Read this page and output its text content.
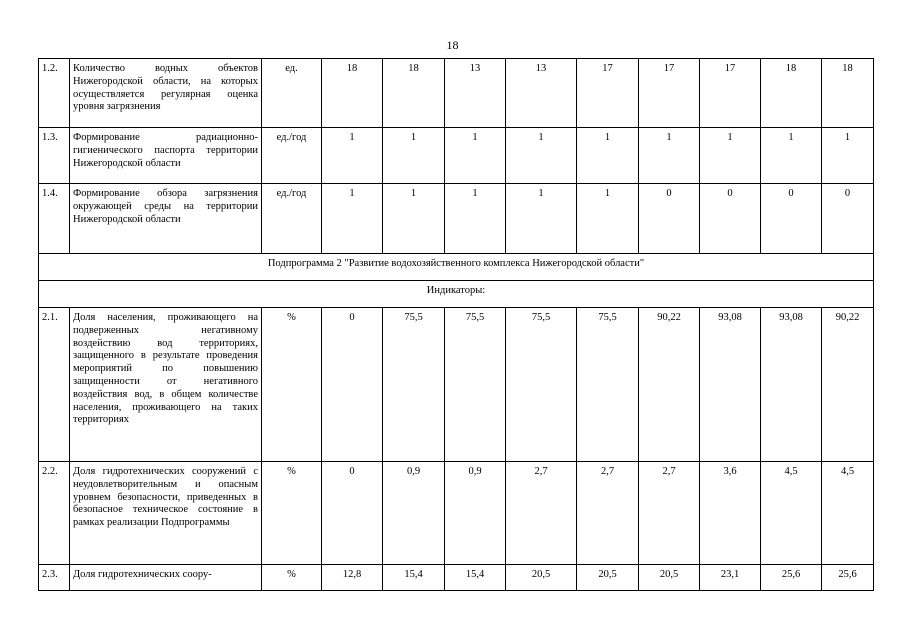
18
1.2.	Количество водных объектов Нижегородской области, на которых осуществляется регулярная оценка уровня загрязнения	ед.	18	18	13	13	17	17	17	18	18
1.3.	Формирование радиационно-гигиенического паспорта территории Нижегородской области	ед./год	1	1	1	1	1	1	1	1	1
1.4.	Формирование обзора загрязнения окружающей среды на территории Нижегородской области	ед./год	1	1	1	1	1	0	0	0	0
Подпрограмма 2 "Развитие водохозяйственного комплекса Нижегородской области"											
Индикаторы:											
2.1.	Доля населения, проживающего на подверженных негативному воздействию вод территориях, защищенного в результате проведения мероприятий по повышению защищенности от негативного воздействия вод, в общем количестве населения, проживающего на таких территориях	%	0	75,5	75,5	75,5	75,5	90,22	93,08	93,08	90,22
2.2.	Доля гидротехнических сооружений с неудовлетворительным и опасным уровнем безопасности, приведенных в безопасное техническое состояние в рамках реализации Подпрограммы	%	0	0,9	0,9	2,7	2,7	2,7	3,6	4,5	4,5
2.3.	Доля гидротехнических соору-	%	12,8	15,4	15,4	20,5	20,5	20,5	23,1	25,6	25,6
